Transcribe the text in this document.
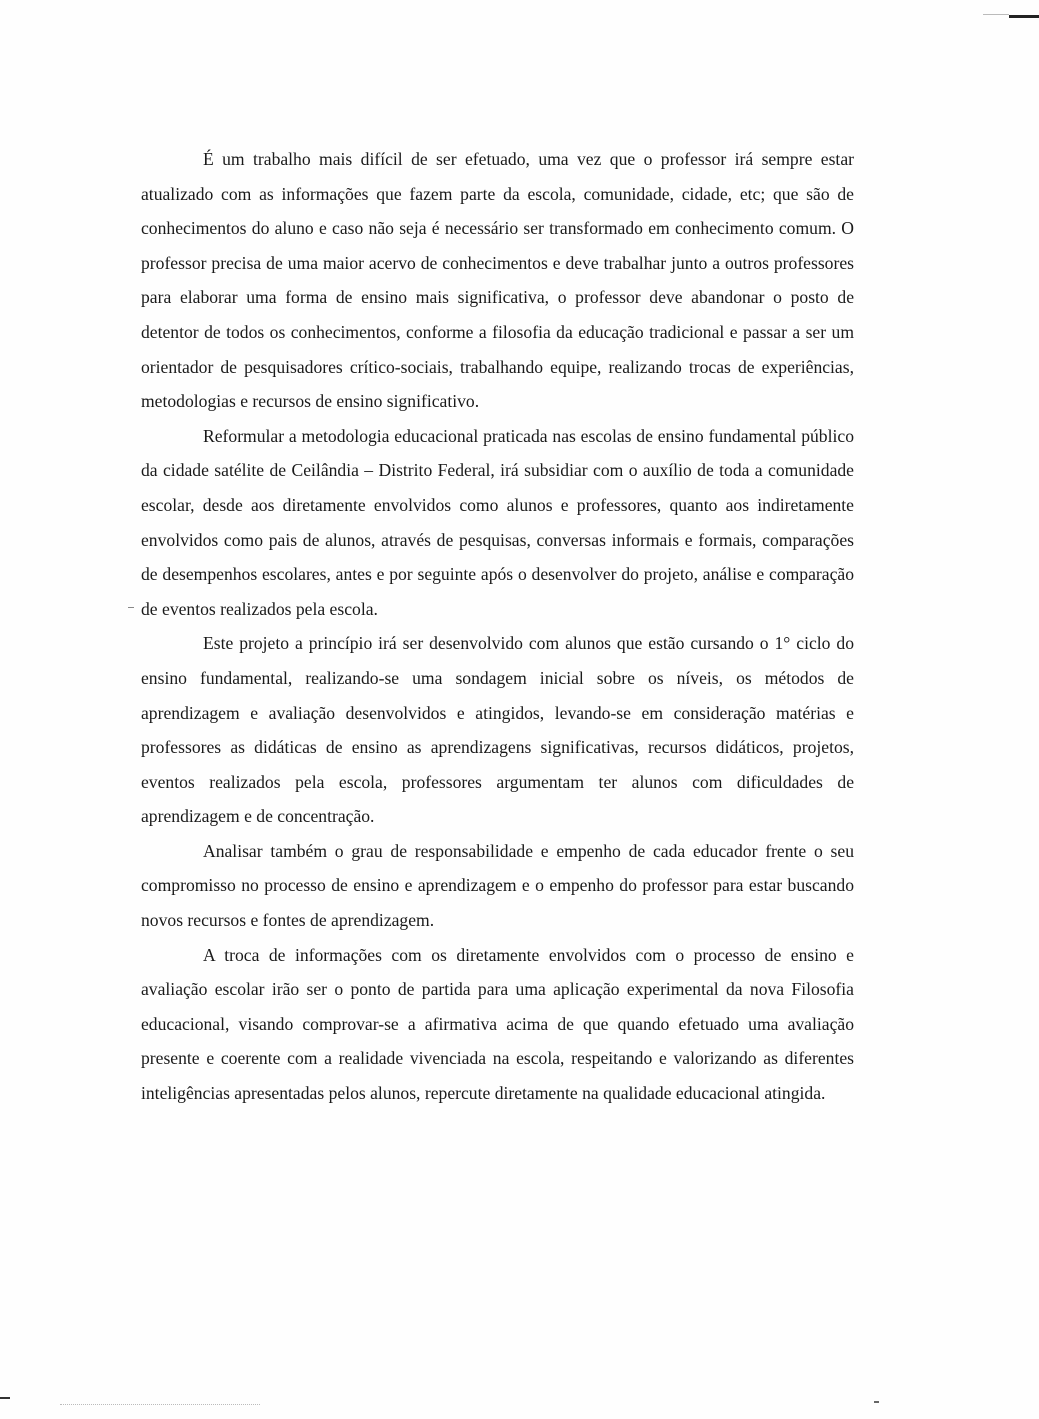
É um trabalho mais difícil de ser efetuado, uma vez que o professor irá sempre estar atualizado com as informações que fazem parte da escola, comunidade, cidade, etc; que são de conhecimentos do aluno e caso não seja é necessário ser transformado em conhecimento comum. O professor precisa de uma maior acervo de conhecimentos e deve trabalhar junto a outros professores para elaborar uma forma de ensino mais significativa, o professor deve abandonar o posto de detentor de todos os conhecimentos, conforme a filosofia da educação tradicional e passar a ser um orientador de pesquisadores crítico-sociais, trabalhando equipe, realizando trocas de experiências, metodologias e recursos de ensino significativo.

Reformular a metodologia educacional praticada nas escolas de ensino fundamental público da cidade satélite de Ceilândia – Distrito Federal, irá subsidiar com o auxílio de toda a comunidade escolar, desde aos diretamente envolvidos como alunos e professores, quanto aos indiretamente envolvidos como pais de alunos, através de pesquisas, conversas informais e formais, comparações de desempenhos escolares, antes e por seguinte após o desenvolver do projeto, análise e comparação de eventos realizados pela escola.

Este projeto a princípio irá ser desenvolvido com alunos que estão cursando o 1° ciclo do ensino fundamental, realizando-se uma sondagem inicial sobre os níveis, os métodos de aprendizagem e avaliação desenvolvidos e atingidos, levando-se em consideração matérias e professores as didáticas de ensino as aprendizagens significativas, recursos didáticos, projetos, eventos realizados pela escola, professores argumentam ter alunos com dificuldades de aprendizagem e de concentração.

Analisar também o grau de responsabilidade e empenho de cada educador frente o seu compromisso no processo de ensino e aprendizagem e o empenho do professor para estar buscando novos recursos e fontes de aprendizagem.

A troca de informações com os diretamente envolvidos com o processo de ensino e avaliação escolar irão ser o ponto de partida para uma aplicação experimental da nova Filosofia educacional, visando comprovar-se a afirmativa acima de que quando efetuado uma avaliação presente e coerente com a realidade vivenciada na escola, respeitando e valorizando as diferentes inteligências apresentadas pelos alunos, repercute diretamente na qualidade educacional atingida.
